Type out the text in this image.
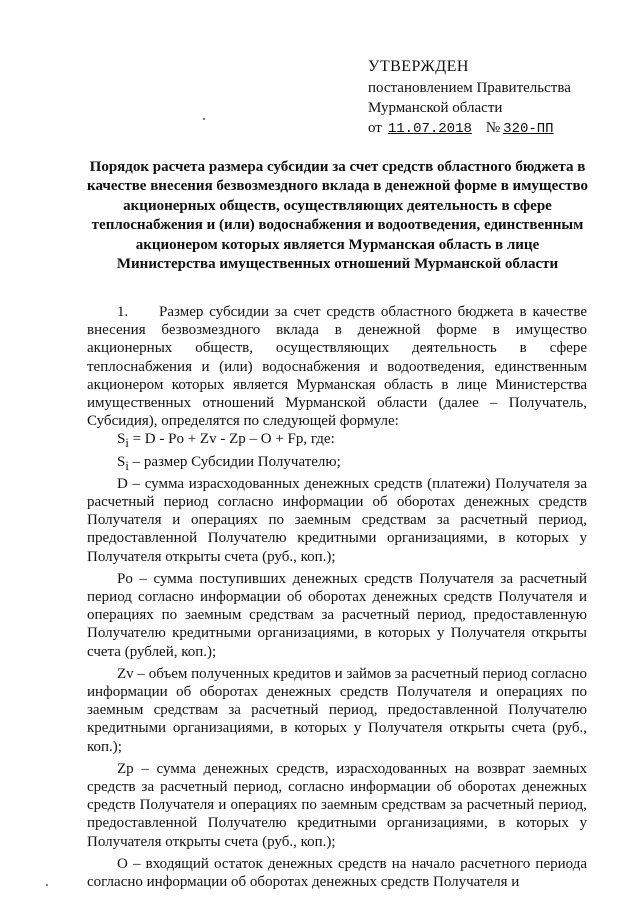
УТВЕРЖДЕН
постановлением Правительства
Мурманской области
от 11.07.2018 № 320-ПП
Порядок расчета размера субсидии за счет средств областного бюджета в качестве внесения безвозмездного вклада в денежной форме в имущество акционерных обществ, осуществляющих деятельность в сфере теплоснабжения и (или) водоснабжения и водоотведения, единственным акционером которых является Мурманская область в лице Министерства имущественных отношений Мурманской области

1. Размер субсидии за счет средств областного бюджета в качестве внесения безвозмездного вклада в денежной форме в имущество акционерных обществ, осуществляющих деятельность в сфере теплоснабжения и (или) водоснабжения и водоотведения, единственным акционером которых является Мурманская область в лице Министерства имущественных отношений Мурманской области (далее – Получатель, Субсидия), определятся по следующей формуле:

$S_i = D - Po + Zv - Zp - O + Fp$, где:

$S_i$ – размер Субсидии Получателю;

D – сумма израсходованных денежных средств (платежи) Получателя за расчетный период согласно информации об оборотах денежных средств Получателя и операциях по заемным средствам за расчетный период, предоставленной Получателю кредитными организациями, в которых у Получателя открыты счета (руб., коп.);

Po – сумма поступивших денежных средств Получателя за расчетный период согласно информации об оборотах денежных средств Получателя и операциях по заемным средствам за расчетный период, предоставленную Получателю кредитными организациями, в которых у Получателя открыты счета (рублей, коп.);

Zv – объем полученных кредитов и займов за расчетный период согласно информации об оборотах денежных средств Получателя и операциях по заемным средствам за расчетный период, предоставленной Получателю кредитными организациями, в которых у Получателя открыты счета (руб., коп.);

Zp – сумма денежных средств, израсходованных на возврат заемных средств за расчетный период, согласно информации об оборотах денежных средств Получателя и операциях по заемным средствам за расчетный период, предоставленной Получателю кредитными организациями, в которых у Получателя открыты счета (руб., коп.);

O – входящий остаток денежных средств на начало расчетного периода согласно информации об оборотах денежных средств Получателя и
